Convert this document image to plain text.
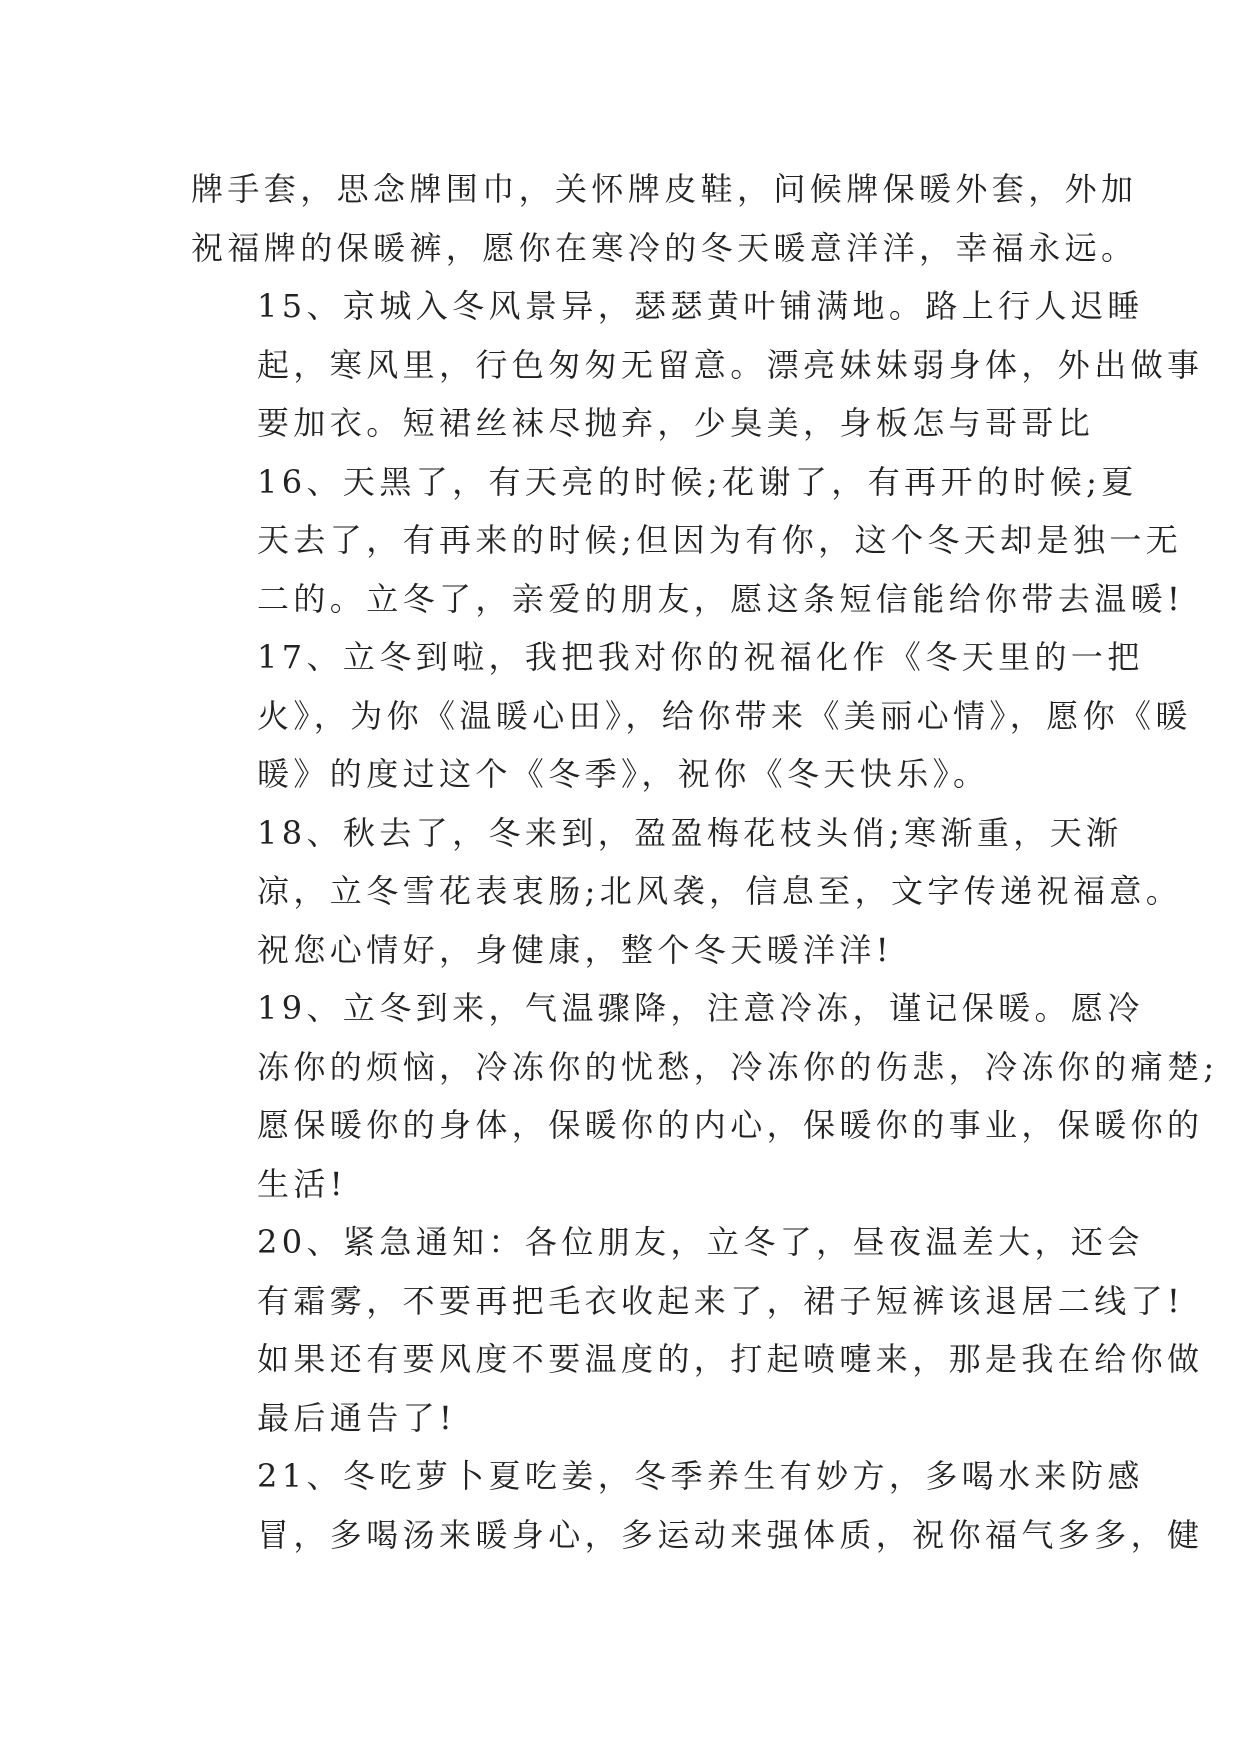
牌手套，思念牌围巾，关怀牌皮鞋，问候牌保暖外套，外加
祝福牌的保暖裤，愿你在寒冷的冬天暖意洋洋，幸福永远。

15、京城入冬风景异，瑟瑟黄叶铺满地。路上行人迟睡
起，寒风里，行色匆匆无留意。漂亮妹妹弱身体，外出做事
要加衣。短裙丝袜尽抛弃，少臭美，身板怎与哥哥比

16、天黑了，有天亮的时候;花谢了，有再开的时候;夏
天去了，有再来的时候;但因为有你，这个冬天却是独一无
二的。立冬了，亲爱的朋友，愿这条短信能给你带去温暖!

17、立冬到啦，我把我对你的祝福化作《冬天里的一把
火》，为你《温暖心田》，给你带来《美丽心情》，愿你《暖
暖》的度过这个《冬季》，祝你《冬天快乐》。

18、秋去了，冬来到，盈盈梅花枝头俏;寒渐重，天渐
凉，立冬雪花表衷肠;北风袭，信息至，文字传递祝福意。
祝您心情好，身健康，整个冬天暖洋洋!

19、立冬到来，气温骤降，注意冷冻，谨记保暖。愿冷
冻你的烦恼，冷冻你的忧愁，冷冻你的伤悲，冷冻你的痛楚;
愿保暖你的身体，保暖你的内心，保暖你的事业，保暖你的
生活!

20、紧急通知：各位朋友，立冬了，昼夜温差大，还会
有霜雾，不要再把毛衣收起来了，裙子短裤该退居二线了!
如果还有要风度不要温度的，打起喷嚏来，那是我在给你做
最后通告了!

21、冬吃萝卜夏吃姜，冬季养生有妙方，多喝水来防感
冒，多喝汤来暖身心，多运动来强体质，祝你福气多多，健
